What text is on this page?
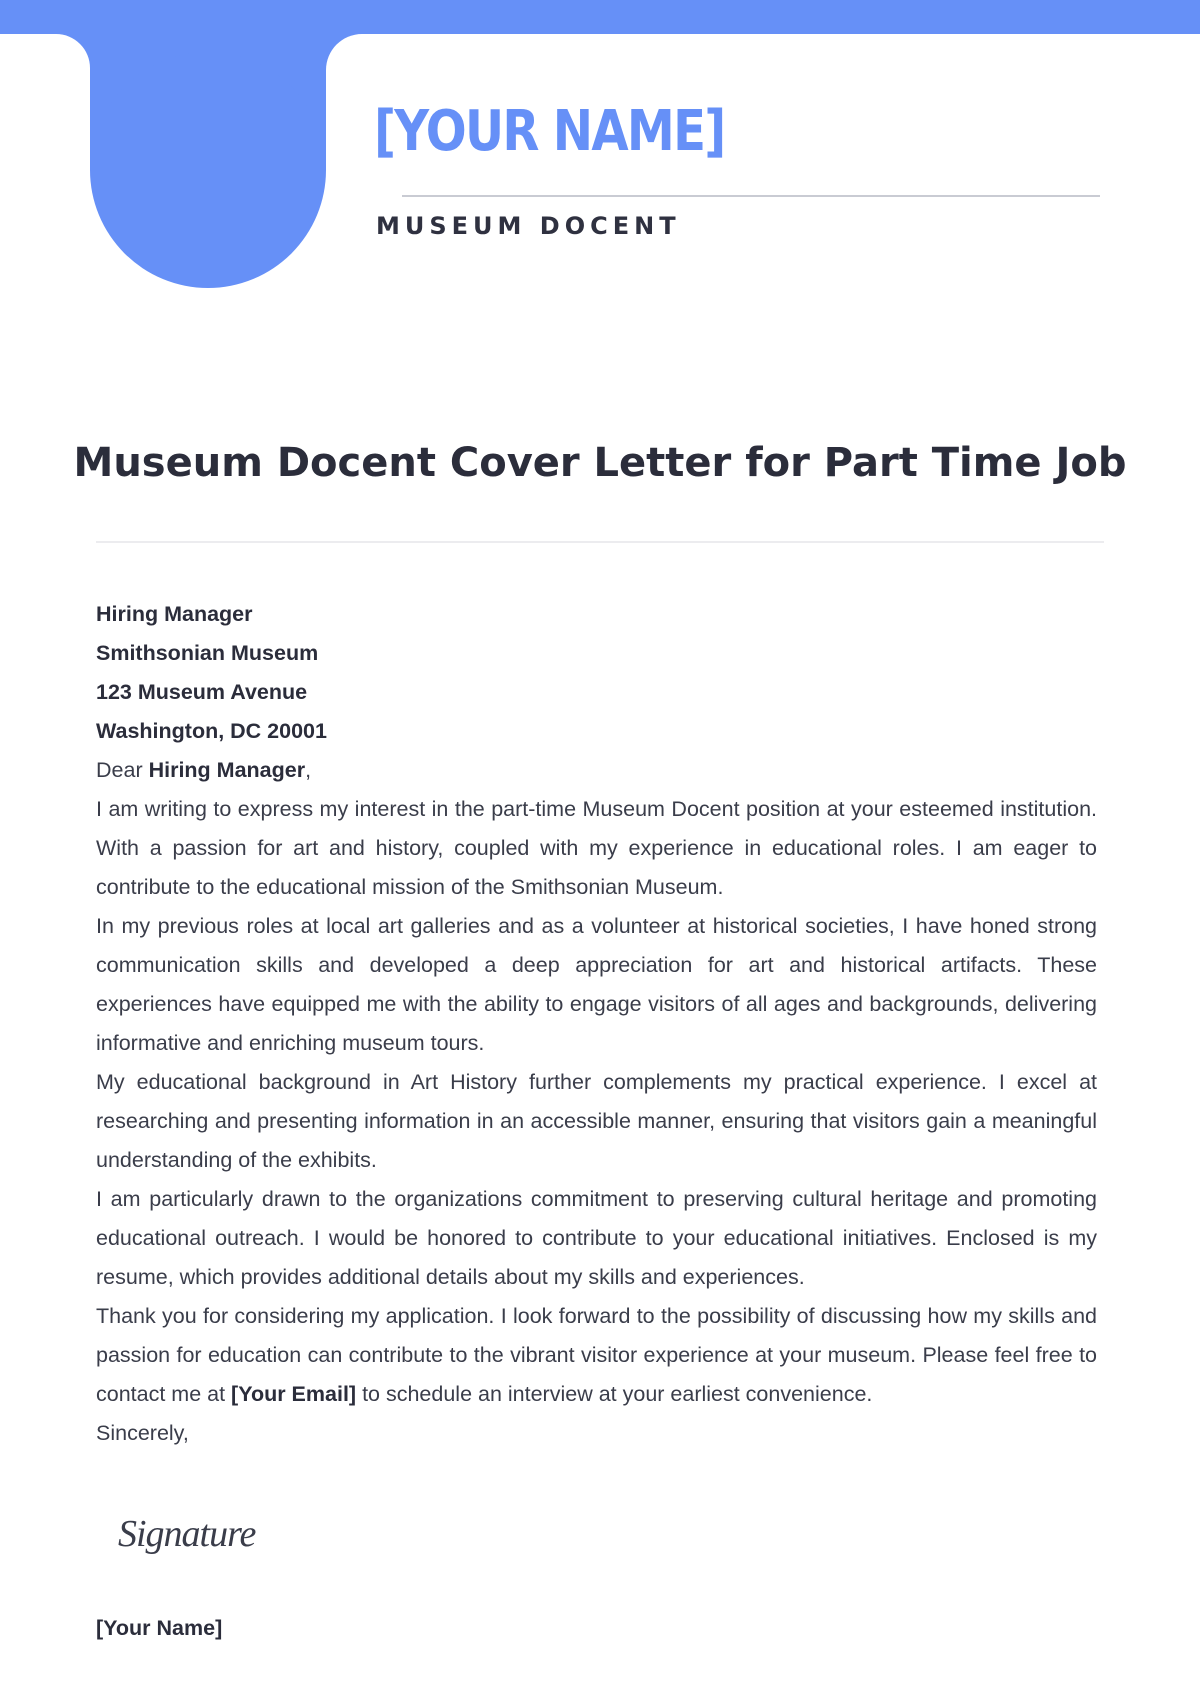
[YOUR NAME]
MUSEUM DOCENT
Museum Docent Cover Letter for Part Time Job
Hiring Manager
Smithsonian Museum
123 Museum Avenue
Washington, DC 20001
Dear Hiring Manager,

I am writing to express my interest in the part-time Museum Docent position at your esteemed institution. With a passion for art and history, coupled with my experience in educational roles. I am eager to contribute to the educational mission of the Smithsonian Museum.

In my previous roles at local art galleries and as a volunteer at historical societies, I have honed strong communication skills and developed a deep appreciation for art and historical artifacts. These experiences have equipped me with the ability to engage visitors of all ages and backgrounds, delivering informative and enriching museum tours.

My educational background in Art History further complements my practical experience. I excel at researching and presenting information in an accessible manner, ensuring that visitors gain a meaningful understanding of the exhibits.

I am particularly drawn to the organizations commitment to preserving cultural heritage and promoting educational outreach. I would be honored to contribute to your educational initiatives. Enclosed is my resume, which provides additional details about my skills and experiences.

Thank you for considering my application. I look forward to the possibility of discussing how my skills and passion for education can contribute to the vibrant visitor experience at your museum. Please feel free to contact me at [Your Email] to schedule an interview at your earliest convenience.

Sincerely,
Signature
[Your Name]
